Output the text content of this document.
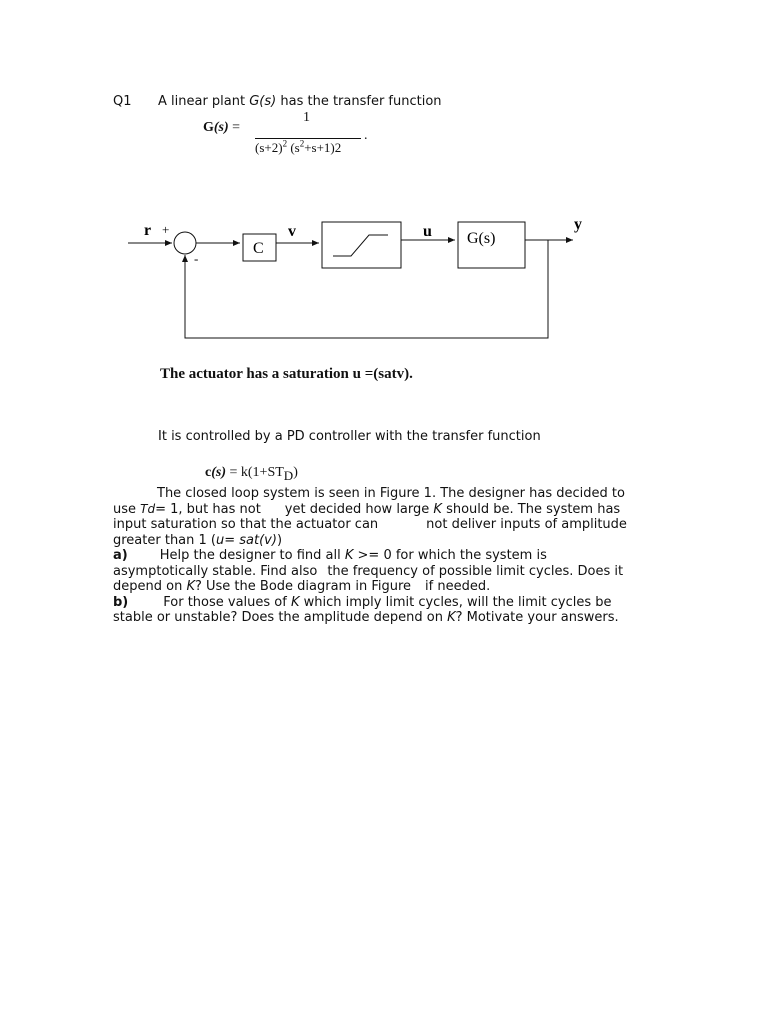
Q1 A linear plant G(s) has the transfer function
G(s) =
1
$(s+2)^2$ $(s^2+s+1)2$
.
r +
-
C
v	u G(s)
y
The actuator has a saturation u =(satv).
It is controlled by a PD controller with the transfer function
$c(s) = k(1+ST_D)$

The closed loop system is seen in Figure 1. The designer has decided to

use Td= 1, but has not yet decided how large K should be. The system has

input saturation so that the actuator can	not deliver inputs of amplitude

greater than 1 (u= sat(v))

a) Help the designer to find all K >= 0 for which the system is

asymptotically stable. Find also the frequency of possible limit cycles. Does it

depend on K? Use the Bode diagram in Figure if needed.

b)	For those values of K which imply limit cycles, will the limit cycles be

stable or unstable? Does the amplitude depend on K? Motivate your answers.
